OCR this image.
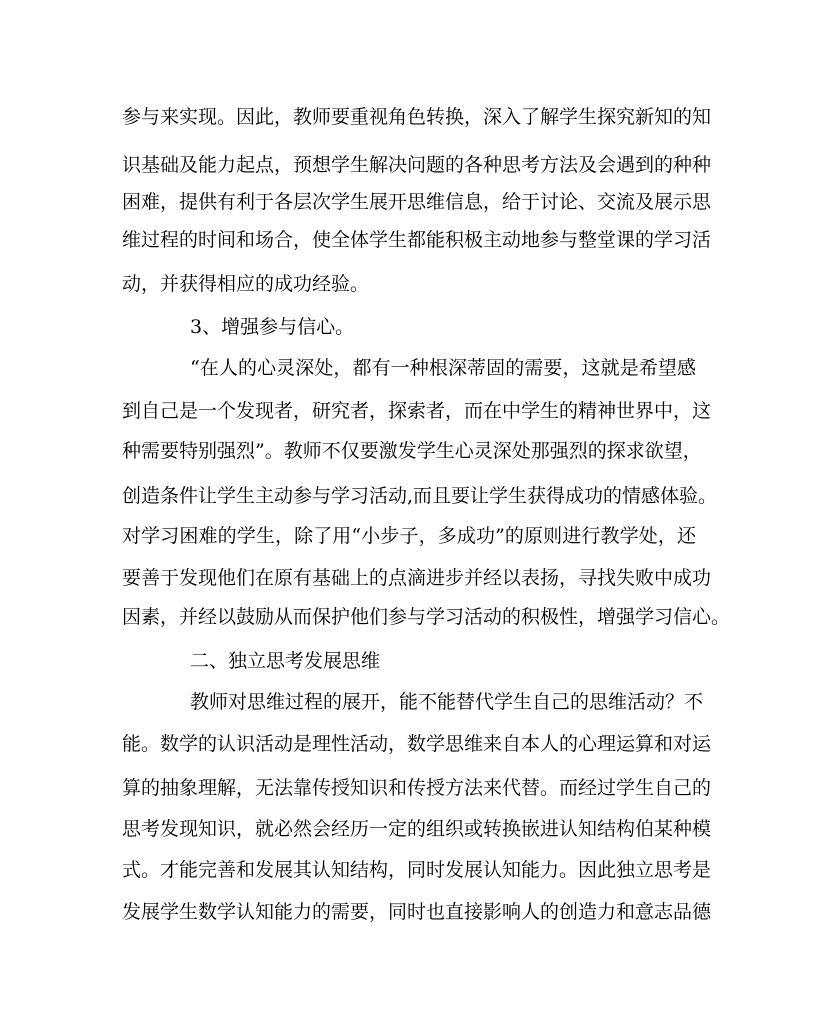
参与来实现。因此，教师要重视角色转换，深入了解学生探究新知的知
识基础及能力起点，预想学生解决问题的各种思考方法及会遇到的种种
困难，提供有利于各层次学生展开思维信息，给于讨论、交流及展示思
维过程的时间和场合，使全体学生都能积极主动地参与整堂课的学习活
动，并获得相应的成功经验。
3、增强参与信心。
“在人的心灵深处，都有一种根深蒂固的需要，这就是希望感
到自己是一个发现者，研究者，探索者，而在中学生的精神世界中，这
种需要特别强烈”。教师不仅要激发学生心灵深处那强烈的探求欲望，
创造条件让学生主动参与学习活动,而且要让学生获得成功的情感体验。
对学习困难的学生，除了用“小步子，多成功”的原则进行教学处，还
要善于发现他们在原有基础上的点滴进步并经以表扬，寻找失败中成功
因素，并经以鼓励从而保护他们参与学习活动的积极性，增强学习信心。
二、独立思考发展思维
教师对思维过程的展开，能不能替代学生自己的思维活动？不
能。数学的认识活动是理性活动，数学思维来自本人的心理运算和对运
算的抽象理解，无法靠传授知识和传授方法来代替。而经过学生自己的
思考发现知识，就必然会经历一定的组织或转换嵌进认知结构伯某种模
式。才能完善和发展其认知结构，同时发展认知能力。因此独立思考是
发展学生数学认知能力的需要，同时也直接影响人的创造力和意志品德
